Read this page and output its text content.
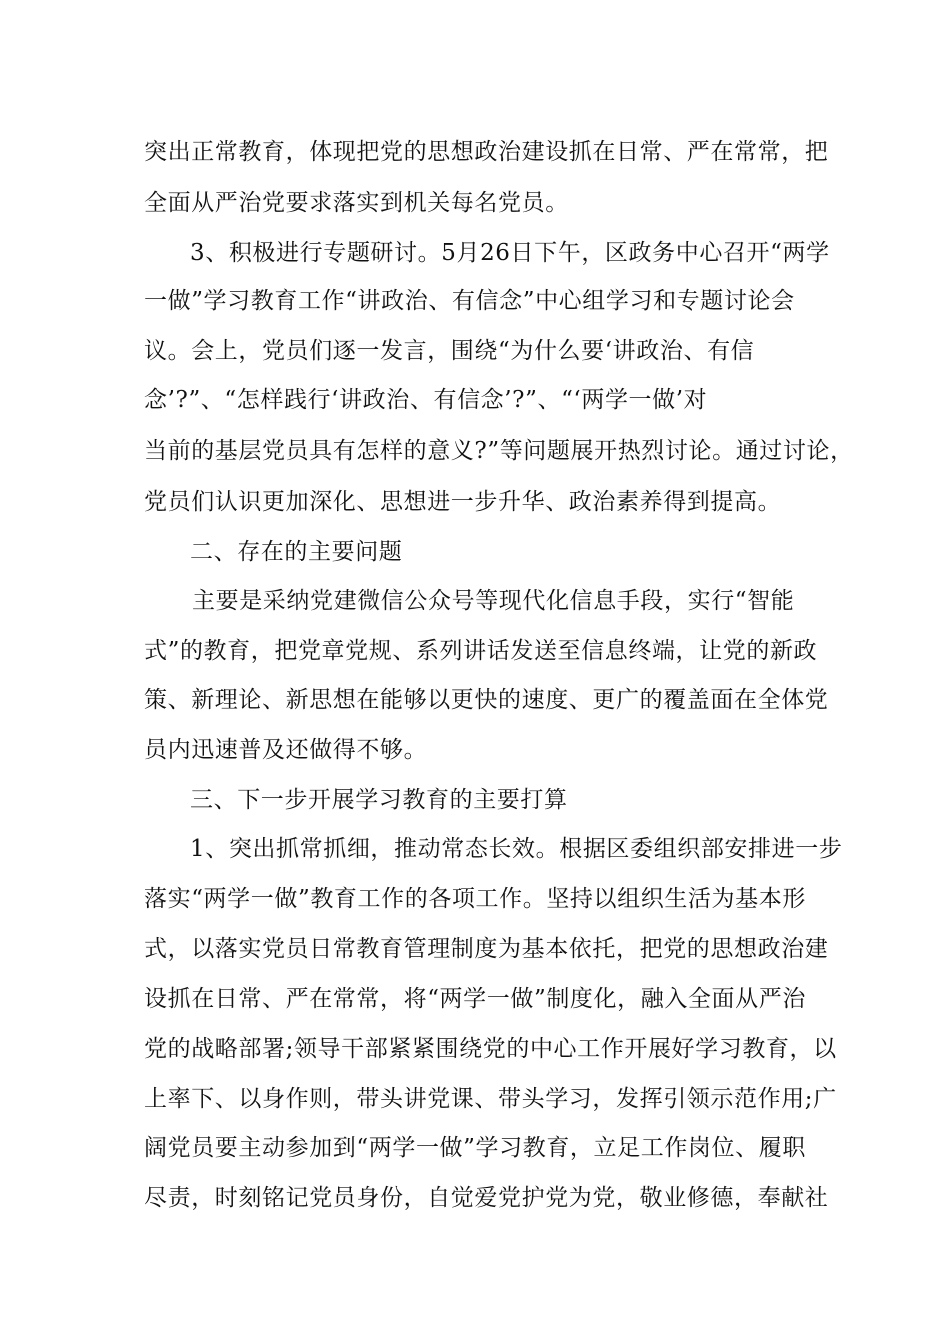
突出正常教育，体现把党的思想政治建设抓在日常、严在常常，把

全面从严治党要求落实到机关每名党员。

3、积极进行专题研讨。5月26日下午，区政务中心召开“两学

一做”学习教育工作“讲政治、有信念”中心组学习和专题讨论会

议。会上，党员们逐一发言，围绕“为什么要‘讲政治、有信

念’?”、“怎样践行‘讲政治、有信念’?”、“‘两学一做’对

当前的基层党员具有怎样的意义?”等问题展开热烈讨论。通过讨论，

党员们认识更加深化、思想进一步升华、政治素养得到提高。

二、存在的主要问题

主要是采纳党建微信公众号等现代化信息手段，实行“智能

式”的教育，把党章党规、系列讲话发送至信息终端，让党的新政

策、新理论、新思想在能够以更快的速度、更广的覆盖面在全体党

员内迅速普及还做得不够。

三、下一步开展学习教育的主要打算

1、突出抓常抓细，推动常态长效。根据区委组织部安排进一步

落实“两学一做”教育工作的各项工作。坚持以组织生活为基本形

式，以落实党员日常教育管理制度为基本依托，把党的思想政治建

设抓在日常、严在常常，将“两学一做”制度化，融入全面从严治

党的战略部署;领导干部紧紧围绕党的中心工作开展好学习教育，以

上率下、以身作则，带头讲党课、带头学习，发挥引领示范作用;广

阔党员要主动参加到“两学一做”学习教育，立足工作岗位、履职

尽责，时刻铭记党员身份，自觉爱党护党为党，敬业修德，奉献社
